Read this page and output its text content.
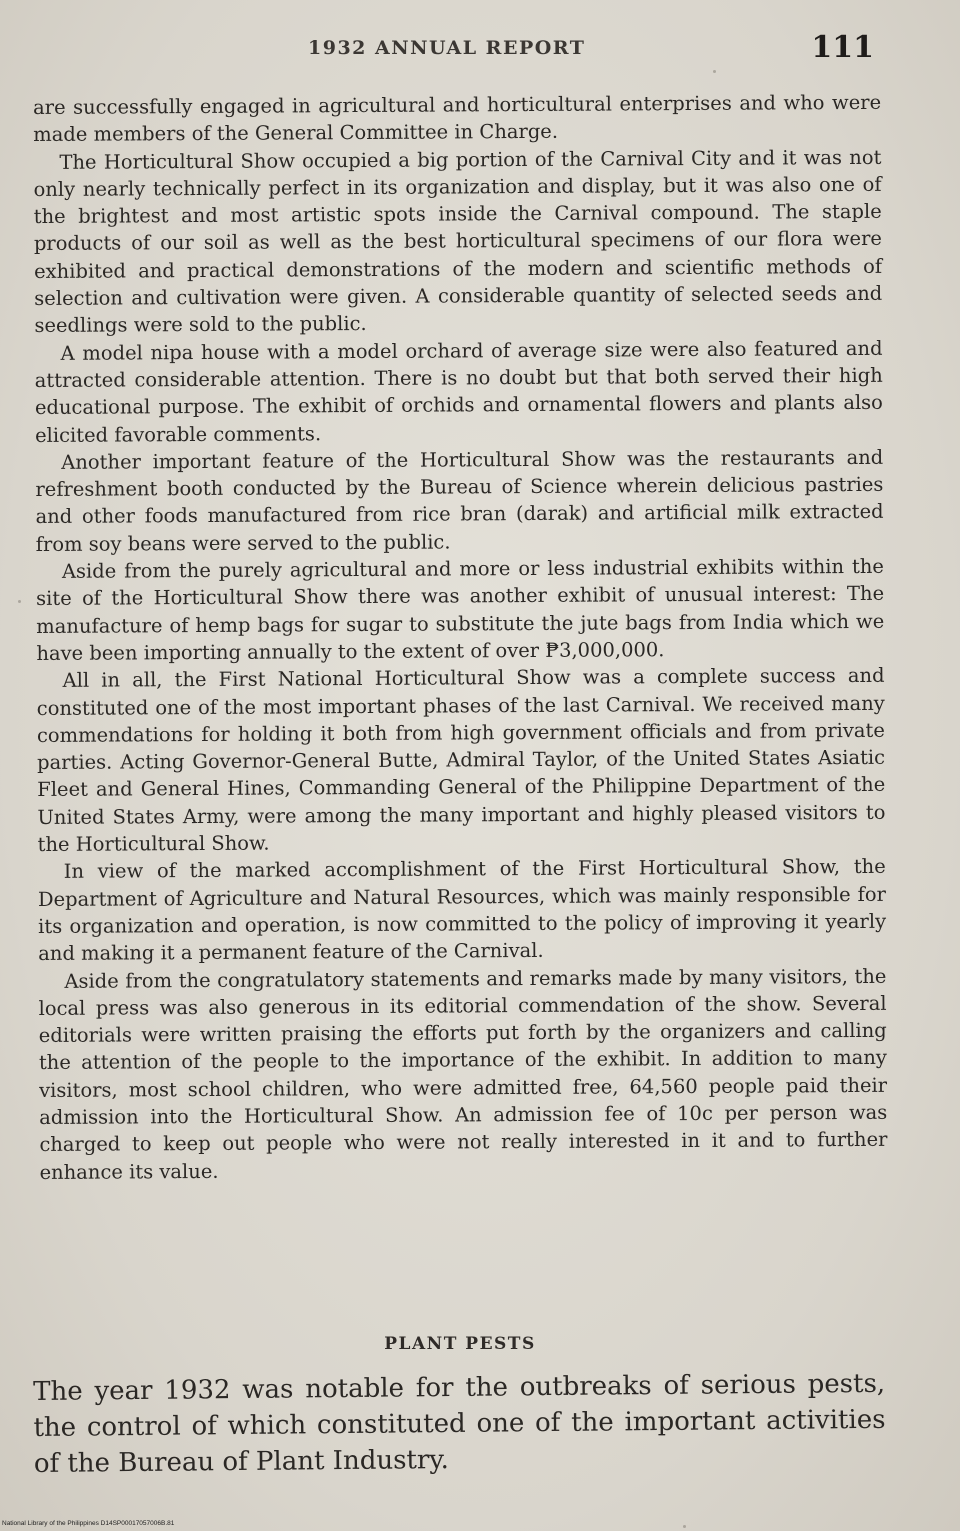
1932 ANNUAL REPORT	111

are successfully engaged in agricultural and horticultural enterprises and who were made members of the General Committee in Charge.

The Horticultural Show occupied a big portion of the Carnival City and it was not only nearly technically perfect in its organization and display, but it was also one of the brightest and most artistic spots inside the Carnival compound. The staple products of our soil as well as the best horticultural specimens of our flora were exhibited and practical demonstrations of the modern and scientific methods of selection and cultivation were given. A considerable quantity of selected seeds and seedlings were sold to the public.

A model nipa house with a model orchard of average size were also featured and attracted considerable attention. There is no doubt but that both served their high educational purpose. The exhibit of orchids and ornamental flowers and plants also elicited favorable comments.

Another important feature of the Horticultural Show was the restaurants and refreshment booth conducted by the Bureau of Science wherein delicious pastries and other foods manufactured from rice bran (darak) and artificial milk extracted from soy beans were served to the public.

Aside from the purely agricultural and more or less industrial exhibits within the site of the Horticultural Show there was another exhibit of unusual interest: The manufacture of hemp bags for sugar to substitute the jute bags from India which we have been importing annually to the extent of over ₱3,000,000.

All in all, the First National Horticultural Show was a complete success and constituted one of the most important phases of the last Carnival. We received many commendations for holding it both from high government officials and from private parties. Acting Governor-General Butte, Admiral Taylor, of the United States Asiatic Fleet and General Hines, Commanding General of the Philippine Department of the United States Army, were among the many important and highly pleased visitors to the Horticultural Show.

In view of the marked accomplishment of the First Horticultural Show, the Department of Agriculture and Natural Resources, which was mainly responsible for its organization and operation, is now committed to the policy of improving it yearly and making it a permanent feature of the Carnival.

Aside from the congratulatory statements and remarks made by many visitors, the local press was also generous in its editorial commendation of the show. Several editorials were written praising the efforts put forth by the organizers and calling the attention of the people to the importance of the exhibit. In addition to many visitors, most school children, who were admitted free, 64,560 people paid their admission into the Horticultural Show. An admission fee of 10c per person was charged to keep out people who were not really interested in it and to further enhance its value.

PLANT PESTS
The year 1932 was notable for the outbreaks of serious pests, the control of which constituted one of the important activities of the Bureau of Plant Industry.
National Library of the Philippines D14SP00017057006B.81
